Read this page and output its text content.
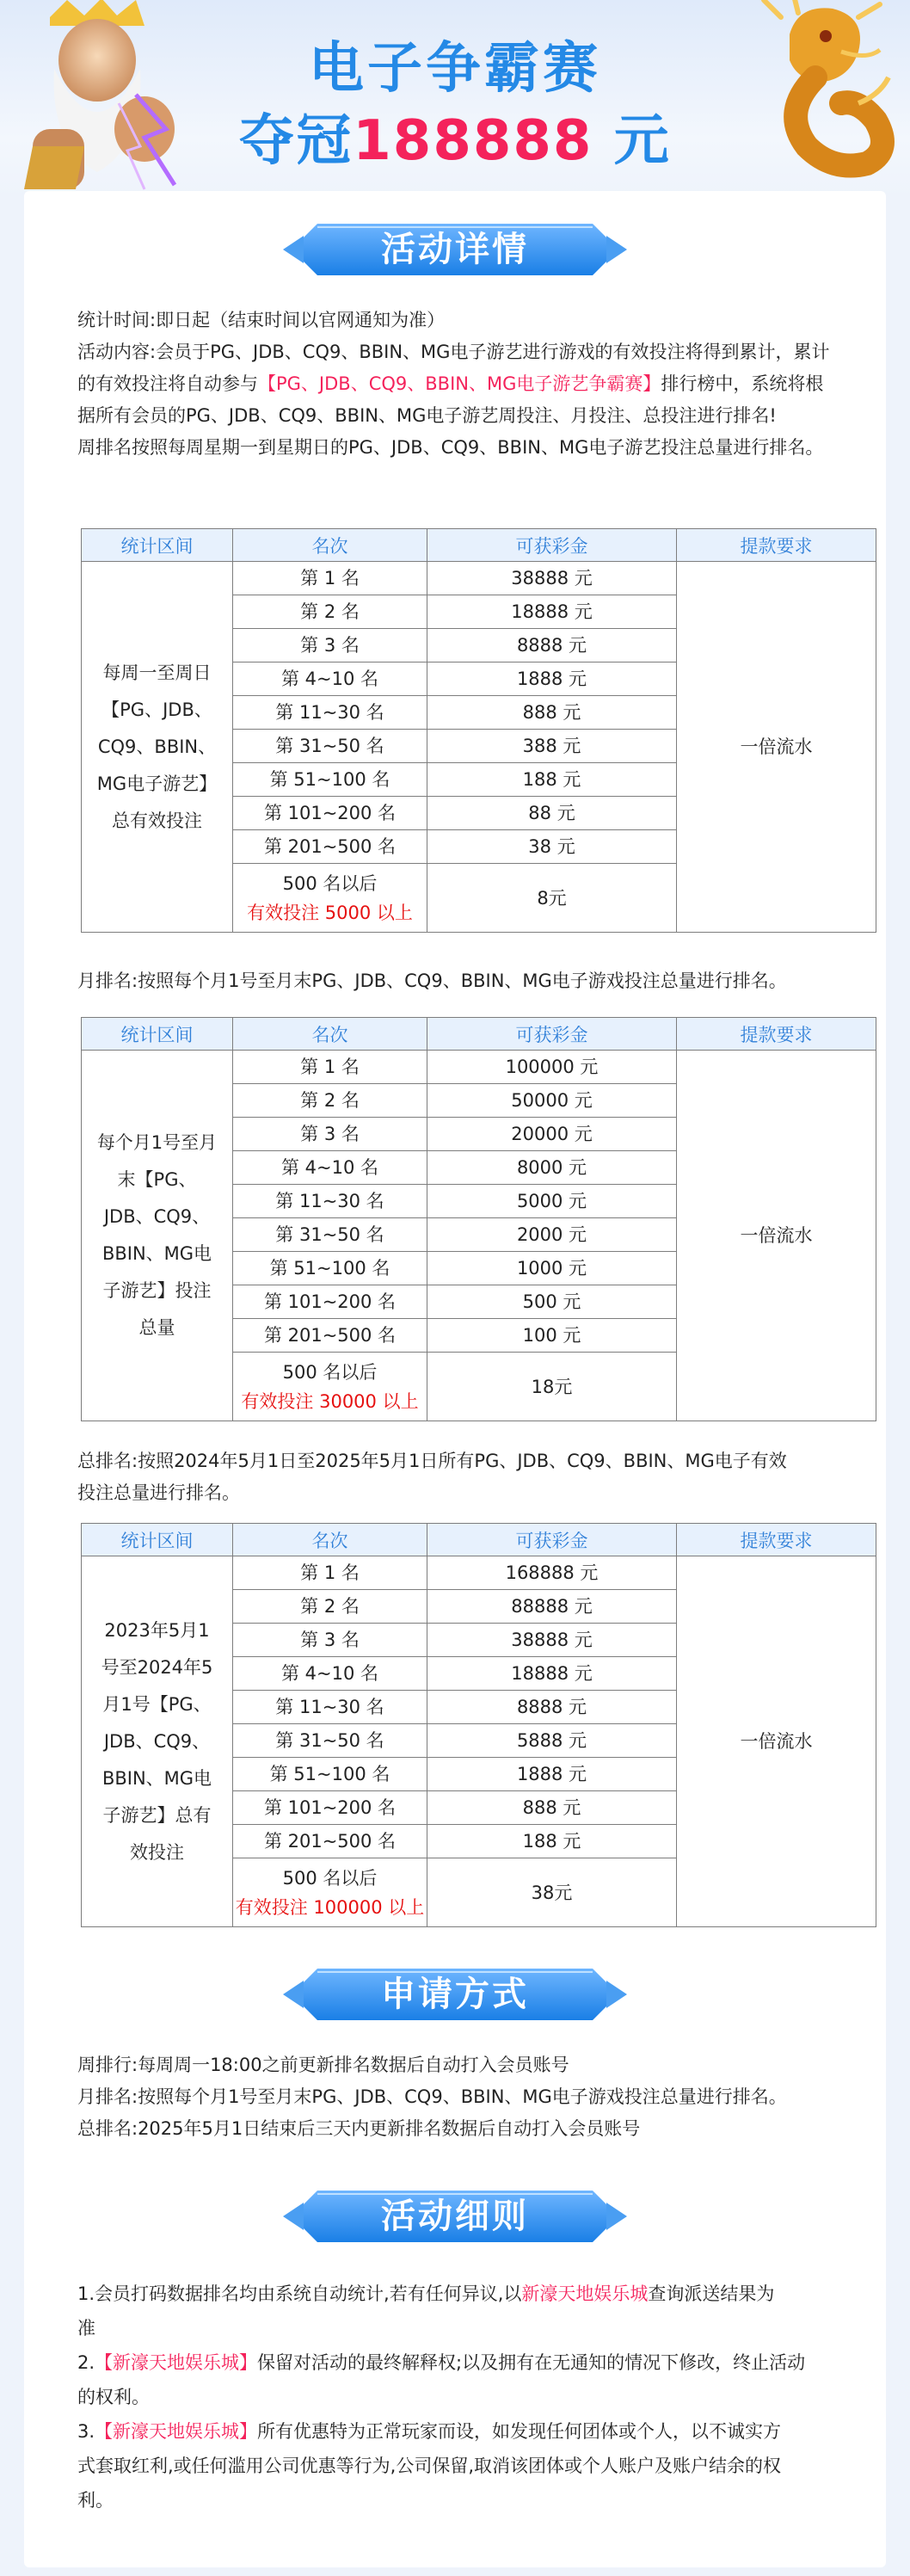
电子争霸赛
夺冠188888 元
活动详情
统计时间:即日起（结束时间以官网通知为准）
活动内容:会员于PG、JDB、CQ9、BBIN、MG电子游艺进行游戏的有效投注将得到累计，累计
的有效投注将自动参与【PG、JDB、CQ9、BBIN、MG电子游艺争霸赛】排行榜中，系统将根
据所有会员的PG、JDB、CQ9、BBIN、MG电子游艺周投注、月投注、总投注进行排名!
周排名按照每周星期一到星期日的PG、JDB、CQ9、BBIN、MG电子游艺投注总量进行排名。
统计区间	名次	可获彩金	提款要求
每周一至周日【PG、JDB、CQ9、BBIN、MG电子游艺】总有效投注	第 1 名	38888 元	一倍流水
	第 2 名	18888 元	
	第 3 名	8888 元	
	第 4~10 名	1888 元	
	第 11~30 名	888 元	
	第 31~50 名	388 元	
	第 51~100 名	188 元	
	第 101~200 名	88 元	
	第 201~500 名	38 元	

	500 名以后
有效投注 5000 以上	8元	
月排名:按照每个月1号至月末PG、JDB、CQ9、BBIN、MG电子游戏投注总量进行排名。
统计区间	名次	可获彩金	提款要求
每个月1号至月末【PG、JDB、CQ9、BBIN、MG电子游艺】投注总量	第 1 名	100000 元	一倍流水
	第 2 名	50000 元	
	第 3 名	20000 元	
	第 4~10 名	8000 元	
	第 11~30 名	5000 元	
	第 31~50 名	2000 元	
	第 51~100 名	1000 元	
	第 101~200 名	500 元	
	第 201~500 名	100 元	

	500 名以后
有效投注 30000 以上	18元	
总排名:按照2024年5月1日至2025年5月1日所有PG、JDB、CQ9、BBIN、MG电子有效
投注总量进行排名。
统计区间	名次	可获彩金	提款要求
2023年5月1号至2024年5月1号【PG、JDB、CQ9、BBIN、MG电子游艺】总有效投注	第 1 名	168888 元	一倍流水
	第 2 名	88888 元	
	第 3 名	38888 元	
	第 4~10 名	18888 元	
	第 11~30 名	8888 元	
	第 31~50 名	5888 元	
	第 51~100 名	1888 元	
	第 101~200 名	888 元	
	第 201~500 名	188 元	

	500 名以后
有效投注 100000 以上	38元	
申请方式
周排行:每周周一18:00之前更新排名数据后自动打入会员账号
月排名:按照每个月1号至月末PG、JDB、CQ9、BBIN、MG电子游戏投注总量进行排名。
总排名:2025年5月1日结束后三天内更新排名数据后自动打入会员账号
活动细则
1.会员打码数据排名均由系统自动统计,若有任何异议,以新濠天地娱乐城查询派送结果为
准
2.【新濠天地娱乐城】保留对活动的最终解释权;以及拥有在无通知的情况下修改，终止活动
的权利。
3.【新濠天地娱乐城】所有优惠特为正常玩家而设，如发现任何团体或个人，以不诚实方
式套取红利,或任何滥用公司优惠等行为,公司保留,取消该团体或个人账户及账户结余的权
利。
